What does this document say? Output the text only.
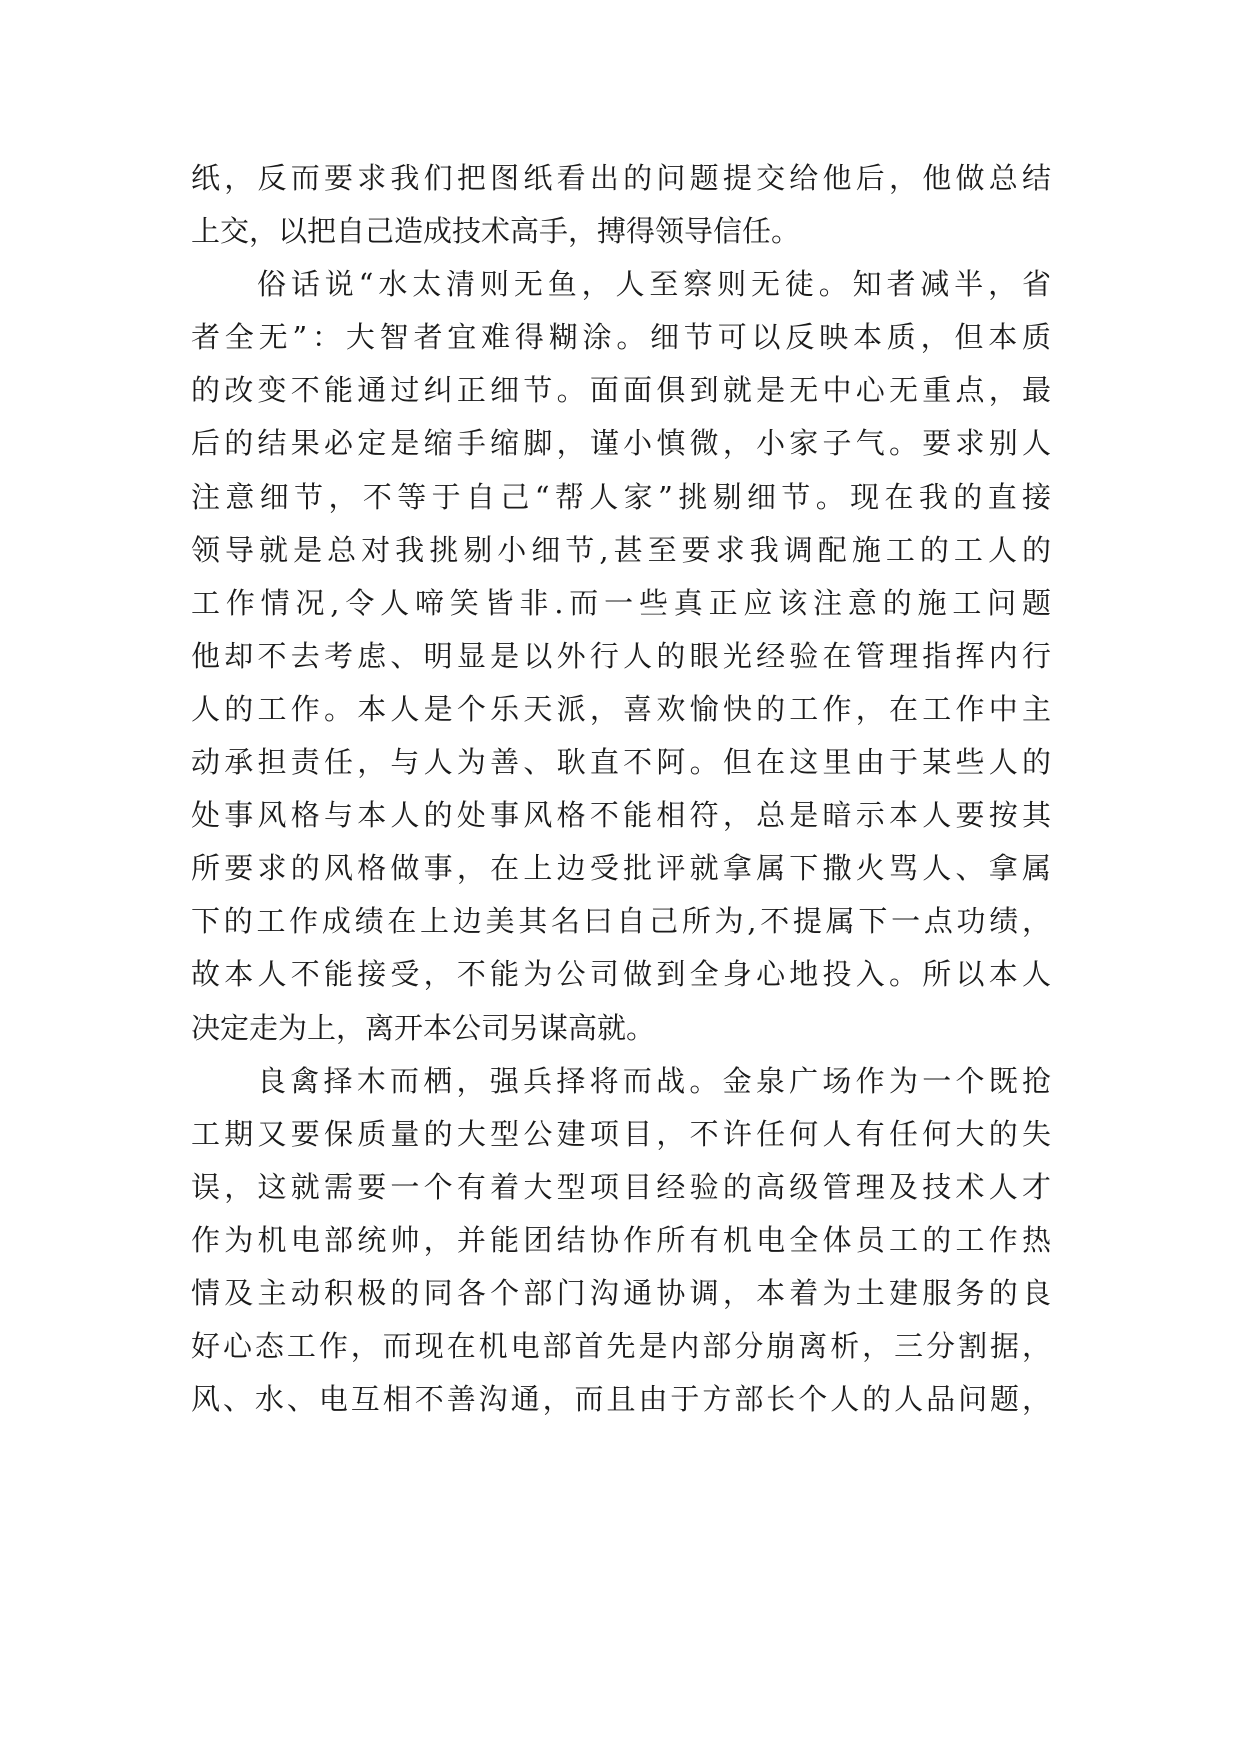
纸，反而要求我们把图纸看出的问题提交给他后，他做总结
上交，以把自己造成技术高手，搏得领导信任。
俗话说“水太清则无鱼，人至察则无徒。知者减半，省
者全无”：大智者宜难得糊涂。细节可以反映本质，但本质
的改变不能通过纠正细节。面面俱到就是无中心无重点，最
后的结果必定是缩手缩脚，谨小慎微，小家子气。要求别人
注意细节，不等于自己“帮人家”挑剔细节。现在我的直接
领导就是总对我挑剔小细节,甚至要求我调配施工的工人的
工作情况,令人啼笑皆非.而一些真正应该注意的施工问题
他却不去考虑、明显是以外行人的眼光经验在管理指挥内行
人的工作。本人是个乐天派，喜欢愉快的工作，在工作中主
动承担责任，与人为善、耿直不阿。但在这里由于某些人的
处事风格与本人的处事风格不能相符，总是暗示本人要按其
所要求的风格做事，在上边受批评就拿属下撒火骂人、拿属
下的工作成绩在上边美其名曰自己所为,不提属下一点功绩，
故本人不能接受，不能为公司做到全身心地投入。所以本人
决定走为上，离开本公司另谋高就。
良禽择木而栖，强兵择将而战。金泉广场作为一个既抢
工期又要保质量的大型公建项目，不许任何人有任何大的失
误，这就需要一个有着大型项目经验的高级管理及技术人才
作为机电部统帅，并能团结协作所有机电全体员工的工作热
情及主动积极的同各个部门沟通协调，本着为土建服务的良
好心态工作，而现在机电部首先是内部分崩离析，三分割据，
风、水、电互相不善沟通，而且由于方部长个人的人品问题，
